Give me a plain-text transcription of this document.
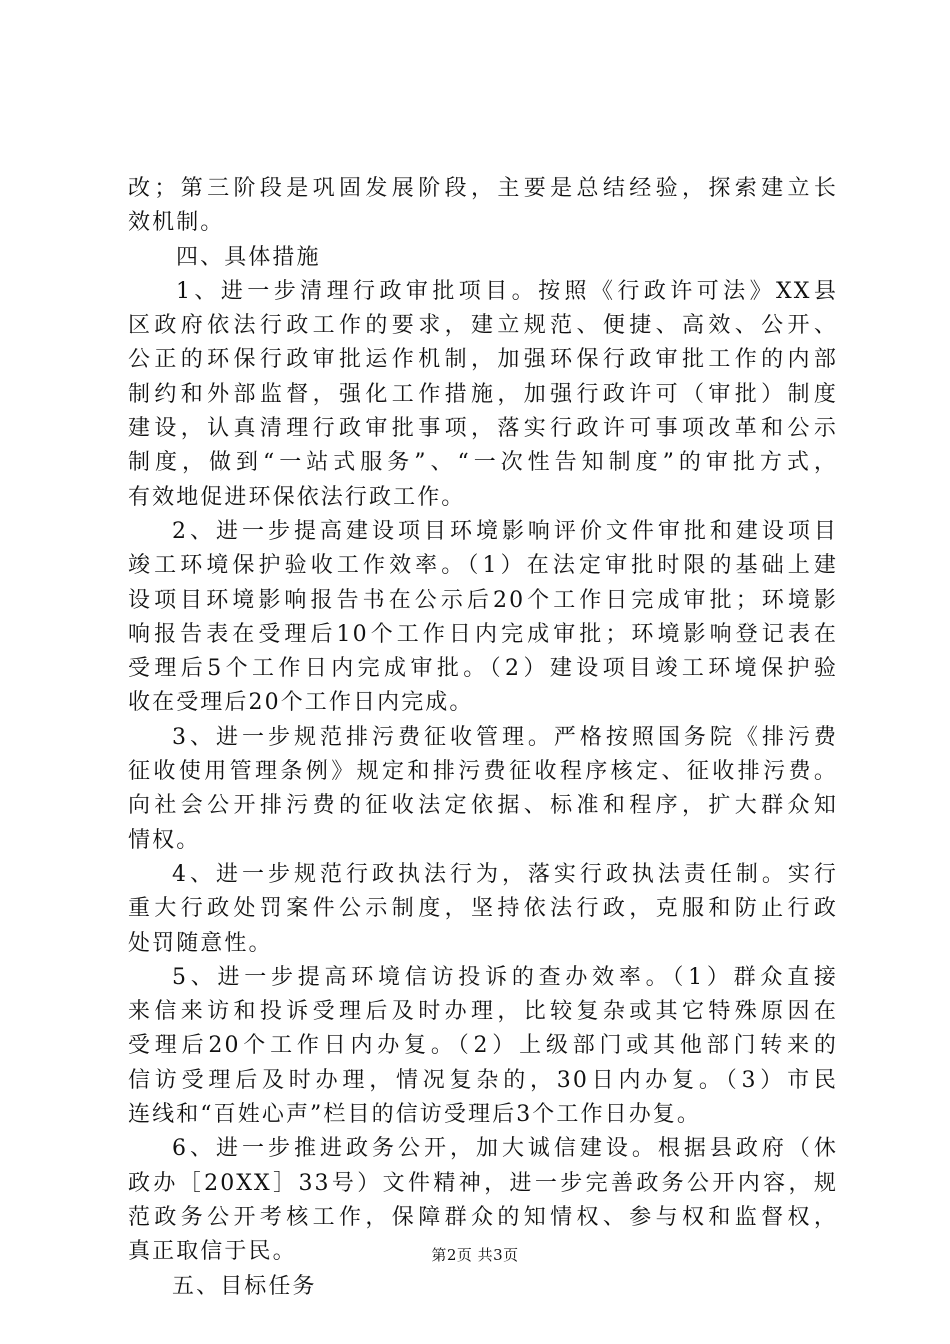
改；第三阶段是巩固发展阶段，主要是总结经验，探索建立长
效机制。
四、具体措施
1、进一步清理行政审批项目。按照《行政许可法》XX县
区政府依法行政工作的要求，建立规范、便捷、高效、公开、
公正的环保行政审批运作机制，加强环保行政审批工作的内部
制约和外部监督，强化工作措施，加强行政许可（审批）制度
建设，认真清理行政审批事项，落实行政许可事项改革和公示
制度，做到“一站式服务”、“一次性告知制度”的审批方式，
有效地促进环保依法行政工作。
2、进一步提高建设项目环境影响评价文件审批和建设项目
竣工环境保护验收工作效率。（1）在法定审批时限的基础上建
设项目环境影响报告书在公示后20个工作日完成审批；环境影
响报告表在受理后10个工作日内完成审批；环境影响登记表在
受理后5个工作日内完成审批。（2）建设项目竣工环境保护验
收在受理后20个工作日内完成。
3、进一步规范排污费征收管理。严格按照国务院《排污费
征收使用管理条例》规定和排污费征收程序核定、征收排污费。
向社会公开排污费的征收法定依据、标准和程序，扩大群众知
情权。
4、进一步规范行政执法行为，落实行政执法责任制。实行
重大行政处罚案件公示制度，坚持依法行政，克服和防止行政
处罚随意性。
5、进一步提高环境信访投诉的查办效率。（1）群众直接
来信来访和投诉受理后及时办理，比较复杂或其它特殊原因在
受理后20个工作日内办复。（2）上级部门或其他部门转来的
信访受理后及时办理，情况复杂的，30日内办复。（3）市民
连线和“百姓心声”栏目的信访受理后3个工作日办复。
6、进一步推进政务公开，加大诚信建设。根据县政府（休
政办［20XX］33号）文件精神，进一步完善政务公开内容，规
范政务公开考核工作，保障群众的知情权、参与权和监督权，
真正取信于民。
五、目标任务
第2页 共3页
